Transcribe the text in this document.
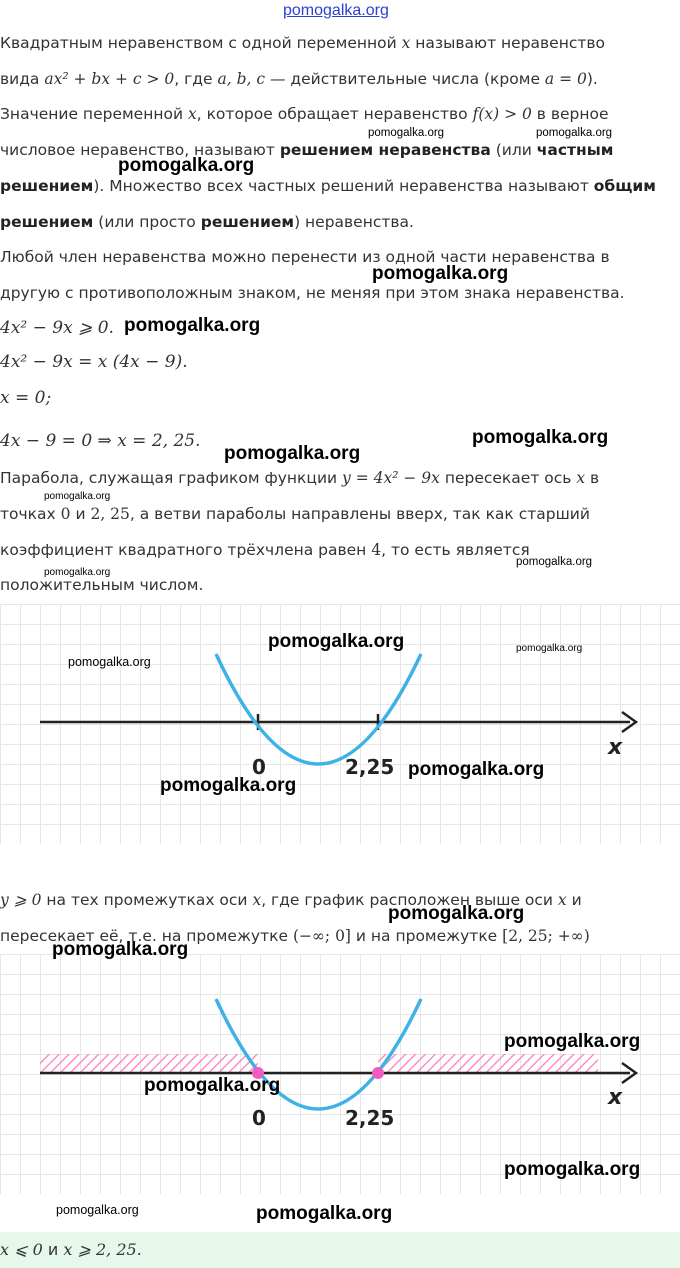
pomogalka.org
Квадратным неравенством с одной переменной x называют неравенство
вида ax² + bx + c > 0, где a, b, c — действительные числа (кроме a = 0).
Значение переменной x, которое обращает неравенство f(x) > 0 в верное
числовое неравенство, называют решением неравенства (или частным
решением). Множество всех частных решений неравенства называют общим
решением (или просто решением) неравенства.
Любой член неравенства можно перенести из одной части неравенства в
другую с противоположным знаком, не меняя при этом знака неравенства.
4x² − 9x ⩾ 0.
4x² − 9x = x (4x − 9).
x = 0;
4x − 9 = 0 ⇒ x = 2, 25.
Парабола, служащая графиком функции y = 4x² − 9x пересекает ось x в
точках 0 и 2, 25, а ветви параболы направлены вверх, так как старший
коэффициент квадратного трёхчлена равен 4, то есть является
положительным числом.
0	2,25
x
y ⩾ 0 на тех промежутках оси x, где график расположен выше оси x и
пересекает её, т.е. на промежутке (−∞; 0] и на промежутке [2, 25; +∞)
0	2,25
x
x ⩽ 0 и x ⩾ 2, 25.
pomogalka.org	pomogalka.org
pomogalka.org
pomogalka.org
pomogalka.org
pomogalka.org
pomogalka.org
pomogalka.org
pomogalka.org
pomogalka.org
pomogalka.org	pomogalka.org
pomogalka.org
pomogalka.org
pomogalka.org
pomogalka.org
pomogalka.org
pomogalka.org
pomogalka.org
pomogalka.org
pomogalka.org	pomogalka.org
